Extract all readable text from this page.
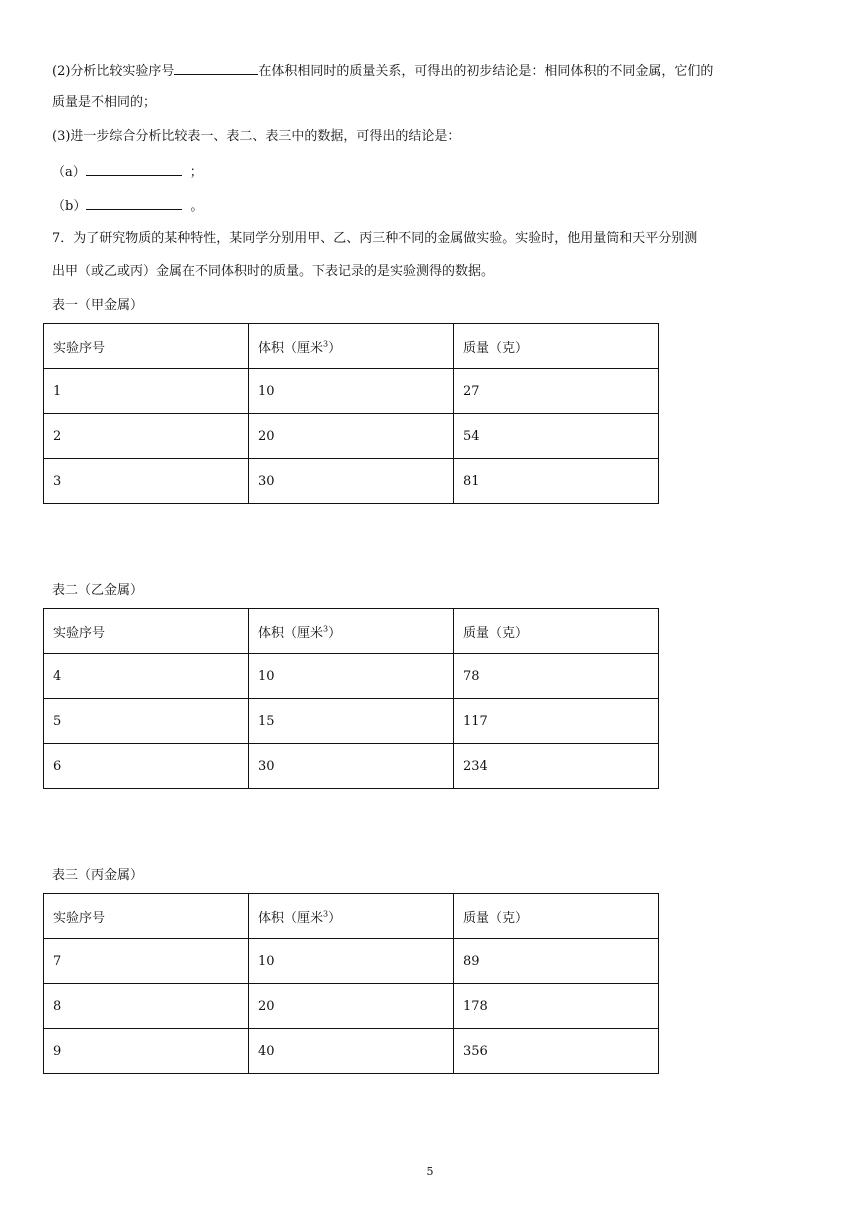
(2)分析比较实验序号	在体积相同时的质量关系，可得出的初步结论是：相同体积的不同金属，它们的
质量是不相同的；
(3)进一步综合分析比较表一、表二、表三中的数据，可得出的结论是：
（a）	；
（b）	。
7．为了研究物质的某种特性，某同学分别用甲、乙、丙三种不同的金属做实验。实验时，他用量筒和天平分别测
出甲（或乙或丙）金属在不同体积时的质量。下表记录的是实验测得的数据。
表一（甲金属）
实验序号	体积（厘米$^3$）	质量（克）
1	10	27
2	20	54
3	30	81
表二（乙金属）
实验序号	体积（厘米$^3$）	质量（克）
4	10	78
5	15	117
6	30	234
表三（丙金属）
实验序号	体积（厘米$^3$）	质量（克）
7	10	89
8	20	178
9	40	356
5
